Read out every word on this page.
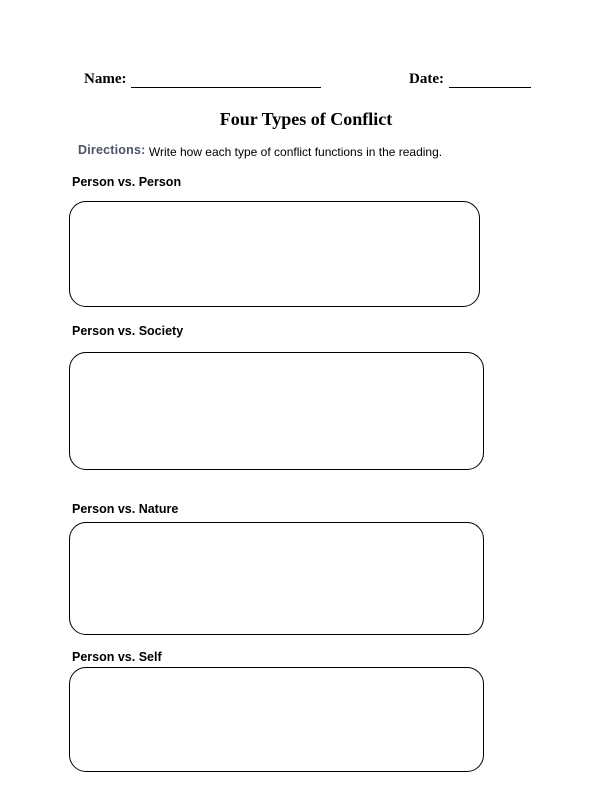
Name:	Date:
Four Types of Conflict
Directions: Write how each type of conflict functions in the reading.
Person vs. Person
Person vs. Society
Person vs. Nature
Person vs. Self
